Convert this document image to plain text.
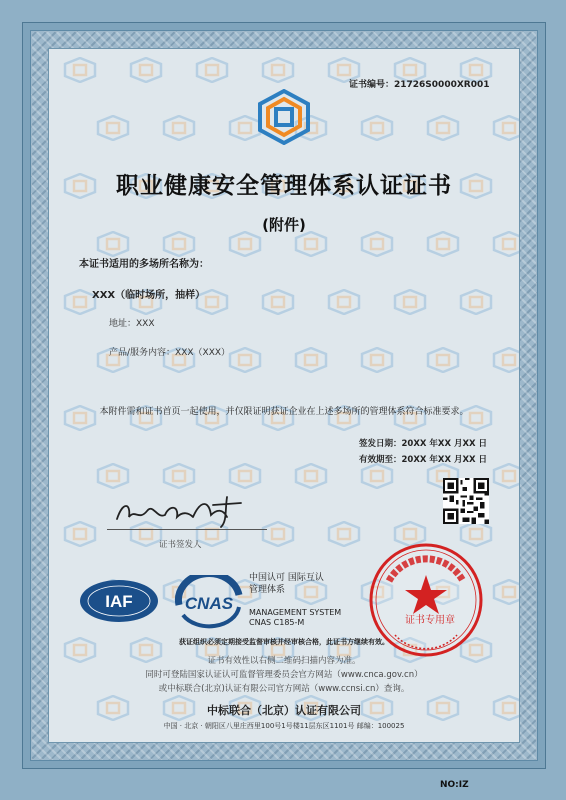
证书编号：21726S0000XR001
职业健康安全管理体系认证证书
(附件)
本证书适用的多场所名称为：
XXX（临时场所，抽样）
地址：XXX
产品/服务内容：XXX（XXX）
本附件需和证书首页一起使用，并仅限证明获证企业在上述多场所的管理体系符合标准要求。
签发日期：20XX 年XX 月XX 日
有效期至：20XX 年XX 月XX 日
证书签发人
IAF	CNAS
中国认可 国际互认 管理体系
MANAGEMENT SYSTEM
CNAS C185-M	证书专用章
获证组织必须定期接受监督审核并经审核合格，此证书方继续有效。
证书有效性以右侧二维码扫描内容为准。
同时可登陆国家认证认可监督管理委员会官方网站（www.cnca.gov.cn）
或中标联合(北京)认证有限公司官方网站（www.ccnsi.cn）查询。
中标联合（北京）认证有限公司
中国 · 北京 · 朝阳区八里庄西里100号1号楼11层东区1101号 邮编：100025
NO:IZ
